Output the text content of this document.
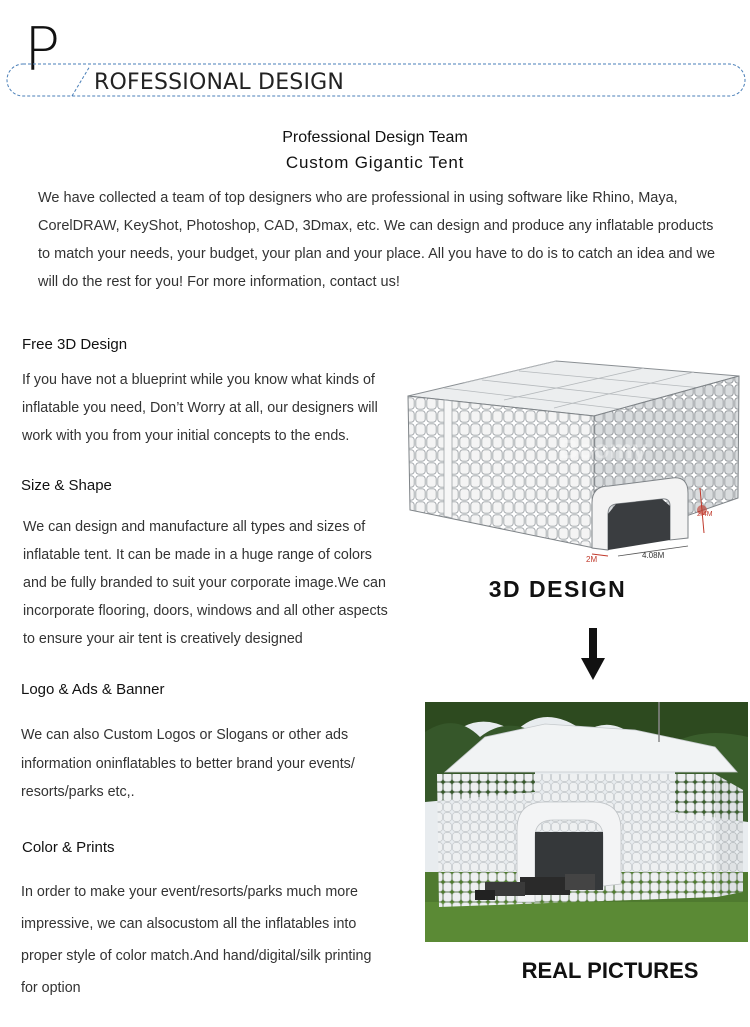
P ROFESSIONAL DESIGN
Professional Design Team
Custom Gigantic Tent
We have collected a team of top designers who are professional in using software like Rhino, Maya, CorelDRAW, KeyShot, Photoshop, CAD, 3Dmax, etc. We can design and produce any inflatable products to match your needs, your budget, your plan and your place. All you have to do is to catch an idea and we will do the rest for you! For more information, contact us!
Free 3D Design
If you have not a blueprint while you know what kinds of inflatable you need, Don’t Worry at all, our designers will work with you from your initial concepts to the ends.
Size & Shape
We can design and manufacture all types and sizes of inflatable tent. It can be made in a huge range of colors and be fully branded to suit your corporate image.We can incorporate flooring, doors, windows and all other aspects to ensure your air tent is creatively designed
Logo & Ads & Banner
We can also Custom Logos or Slogans or other ads information oninflatables to better brand your events/ resorts/parks etc,.
Color & Prints
In order to make your event/resorts/parks much more impressive, we can alsocustom all the inflatables into proper style of color match.And hand/digital/silk printing for option
2M	4.08M
2.4M
Boomy
3D DESIGN
REAL PICTURES
